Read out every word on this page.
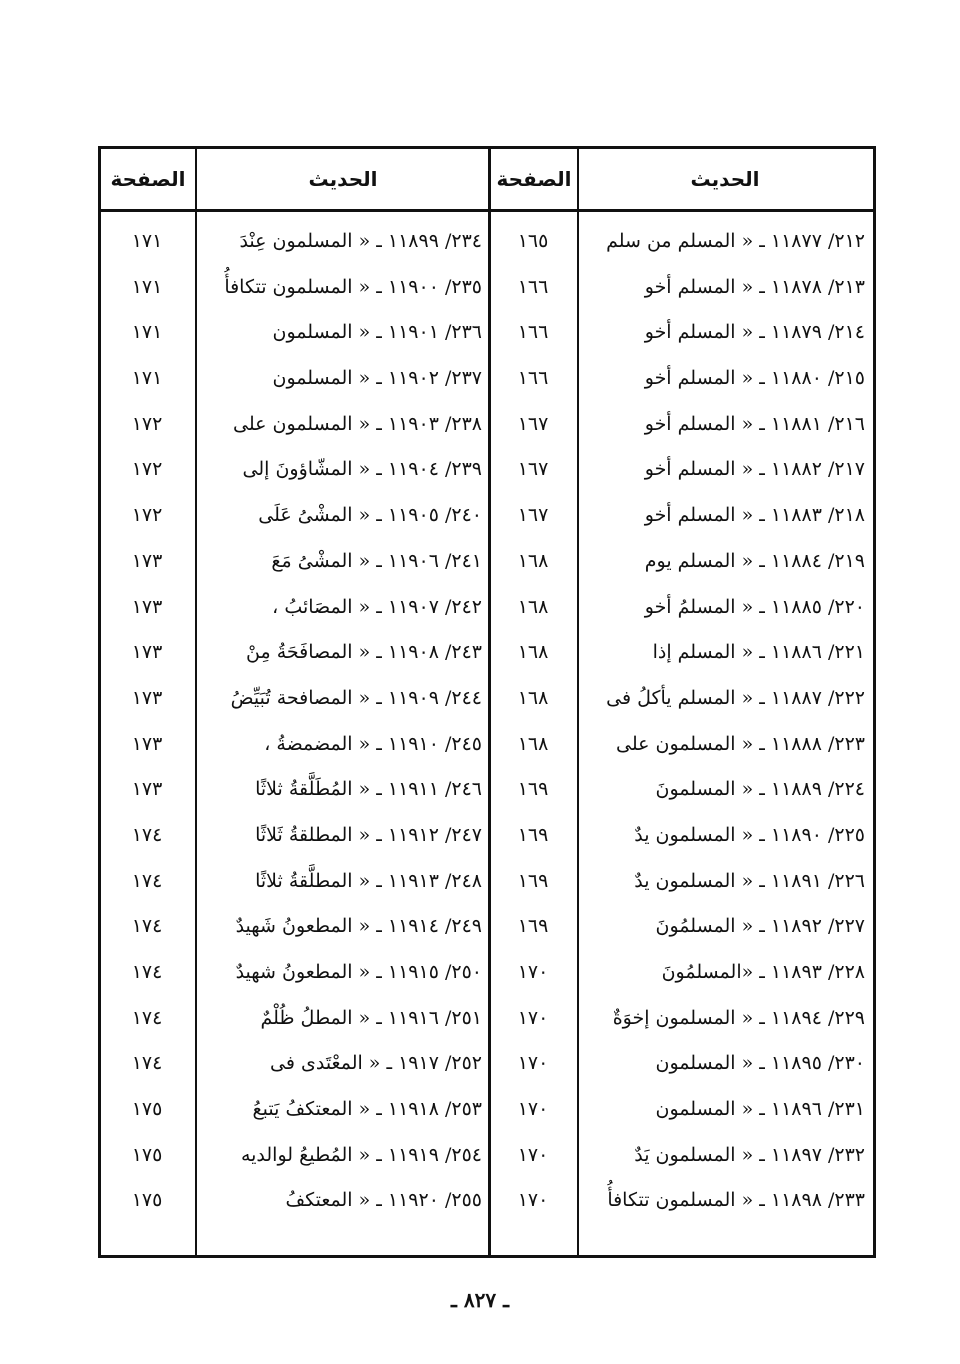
الحديث
الصفحة
الحديث
الصفحة
٢١٢/ ١١٨٧٧ ـ « المسلم من سلم
١٦٥
٢٣٤/ ١١٨٩٩ ـ « المسلمون عِنْدَ
١٧١
٢١٣/ ١١٨٧٨ ـ « المسلم أخو
١٦٦
٢٣٥/ ١١٩٠٠ ـ « المسلمون تتكافأُ
١٧١
٢١٤/ ١١٨٧٩ ـ « المسلم أخو
١٦٦
٢٣٦/ ١١٩٠١ ـ « المسلمون
١٧١
٢١٥/ ١١٨٨٠ ـ « المسلم أخو
١٦٦
٢٣٧/ ١١٩٠٢ ـ « المسلمون
١٧١
٢١٦/ ١١٨٨١ ـ « المسلم أخو
١٦٧
٢٣٨/ ١١٩٠٣ ـ « المسلمون على
١٧٢
٢١٧/ ١١٨٨٢ ـ « المسلم أخو
١٦٧
٢٣٩/ ١١٩٠٤ ـ « المشّاؤونَ إلى
١٧٢
٢١٨/ ١١٨٨٣ ـ « المسلم أخو
١٦٧
٢٤٠/ ١١٩٠٥ ـ « المشْىُ عَلَى
١٧٢
٢١٩/ ١١٨٨٤ ـ « المسلم يوم
١٦٨
٢٤١/ ١١٩٠٦ ـ « المشْىُ مَعَ
١٧٣
٢٢٠/ ١١٨٨٥ ـ « المسلمُ أخو
١٦٨
٢٤٢/ ١١٩٠٧ ـ « المصَائبُ ،
١٧٣
٢٢١/ ١١٨٨٦ ـ « المسلم إذا
١٦٨
٢٤٣/ ١١٩٠٨ ـ « المصافَحَةُ مِنْ
١٧٣
٢٢٢/ ١١٨٨٧ ـ « المسلم يأكلُ فى
١٦٨
٢٤٤/ ١١٩٠٩ ـ « المصافحة تُبَيِّضُ
١٧٣
٢٢٣/ ١١٨٨٨ ـ « المسلمون على
١٦٨
٢٤٥/ ١١٩١٠ ـ « المضمضةُ ،
١٧٣
٢٢٤/ ١١٨٨٩ ـ « المسلمونَ
١٦٩
٢٤٦/ ١١٩١١ ـ « المُطَلَّقةُ ثلاثًا
١٧٣
٢٢٥/ ١١٨٩٠ ـ « المسلمون يدٌ
١٦٩
٢٤٧/ ١١٩١٢ ـ « المطلقةُ ثَلاثًا
١٧٤
٢٢٦/ ١١٨٩١ ـ « المسلمون يدٌ
١٦٩
٢٤٨/ ١١٩١٣ ـ « المطلَّقةُ ثلاثًا
١٧٤
٢٢٧/ ١١٨٩٢ ـ « المسلمُونَ
١٦٩
٢٤٩/ ١١٩١٤ ـ « المطعونُ شَهيدٌ
١٧٤
٢٢٨/ ١١٨٩٣ ـ «المسلمُونَ
١٧٠
٢٥٠/ ١١٩١٥ ـ « المطعونُ شهيدٌ
١٧٤
٢٢٩/ ١١٨٩٤ ـ « المسلمون إخوَةٌ
١٧٠
٢٥١/ ١١٩١٦ ـ « المطلُ ظُلْمٌ
١٧٤
٢٣٠/ ١١٨٩٥ ـ « المسلمون
١٧٠
٢٥٢/ ١٩١٧ ـ « المعْتَدى فى
١٧٤
٢٣١/ ١١٨٩٦ ـ « المسلمون
١٧٠
٢٥٣/ ١١٩١٨ ـ « المعتكفُ يَتبعُ
١٧٥
٢٣٢/ ١١٨٩٧ ـ « المسلمون يَدٌ
١٧٠
٢٥٤/ ١١٩١٩ ـ « المُطيعُ لوالديه
١٧٥
٢٣٣/ ١١٨٩٨ ـ « المسلمون تتكافأُ
١٧٠
٢٥٥/ ١١٩٢٠ ـ « المعتكفُ
١٧٥
ـ ٨٢٧ ـ
